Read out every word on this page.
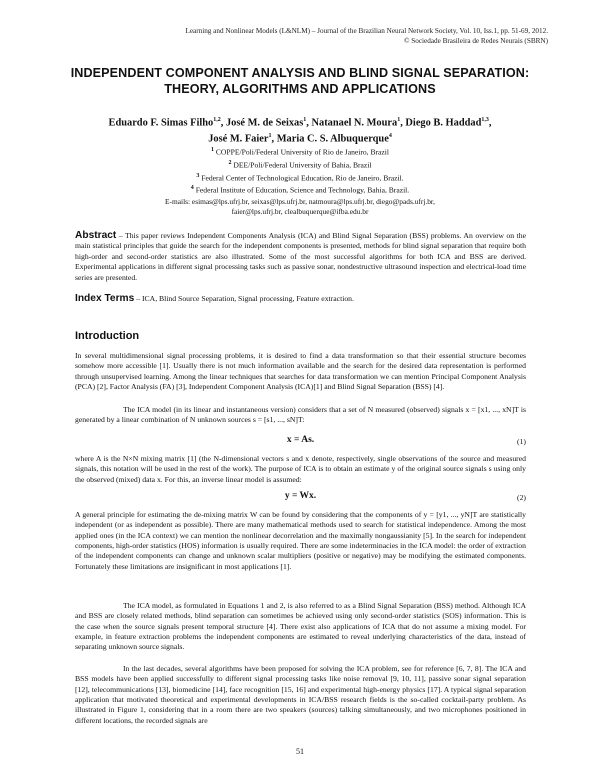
Learning and Nonlinear Models (L&NLM) – Journal of the Brazilian Neural Network Society, Vol. 10, Iss.1, pp. 51-69, 2012.
© Sociedade Brasileira de Redes Neurais (SBRN)
INDEPENDENT COMPONENT ANALYSIS AND BLIND SIGNAL SEPARATION:
THEORY, ALGORITHMS AND APPLICATIONS
Eduardo F. Simas Filho$^{1,2}$, José M. de Seixas$^1$, Natanael N. Moura$^1$, Diego B. Haddad$^{1,3}$,
José M. Faier$^1$, Maria C. S. Albuquerque$^4$
$^1$ COPPE/Poli/Federal University of Rio de Janeiro, Brazil
$^2$ DEE/Poli/Federal University of Bahia, Brazil
$^3$ Federal Center of Technological Education, Rio de Janeiro, Brazil.
$^4$ Federal Institute of Education, Science and Technology, Bahia, Brazil.
E-mails: esimas@lps.ufrj.br, seixas@lps.ufrj.br, natmoura@lps.ufrj.br, diego@pads.ufrj.br,
faier@lps.ufrj.br, clealbuquerque@ifba.edu.br
Abstract – This paper reviews Independent Components Analysis (ICA) and Blind Signal Separation (BSS) problems. An overview on the main statistical principles that guide the search for the independent components is presented, methods for blind signal separation that require both high-order and second-order statistics are also illustrated. Some of the most successful algorithms for both ICA and BSS are derived. Experimental applications in different signal processing tasks such as passive sonar, nondestructive ultrasound inspection and electrical-load time series are presented.
Index Terms – ICA, Blind Source Separation, Signal processing, Feature extraction.
Introduction
In several multidimensional signal processing problems, it is desired to find a data transformation so that their essential structure becomes somehow more accessible [1]. Usually there is not much information available and the search for the desired data representation is performed through unsupervised learning. Among the linear techniques that searches for data transformation we can mention Principal Component Analysis (PCA) [2], Factor Analysis (FA) [3], Independent Component Analysis (ICA)[1] and Blind Signal Separation (BSS) [4].
The ICA model (in its linear and instantaneous version) considers that a set of N measured (observed) signals x = [x1, ..., xN]T is generated by a linear combination of N unknown sources s = [s1, ..., sN]T:
x = As.	(1)
where A is the N×N mixing matrix [1] (the N-dimensional vectors s and x denote, respectively, single observations of the source and measured signals, this notation will be used in the rest of the work). The purpose of ICA is to obtain an estimate y of the original source signals s using only the observed (mixed) data x. For this, an inverse linear model is assumed:
y = Wx.	(2)
A general principle for estimating the de-mixing matrix W can be found by considering that the components of y = [y1, ..., yN]T are statistically independent (or as independent as possible). There are many mathematical methods used to search for statistical independence. Among the most applied ones (in the ICA context) we can mention the nonlinear decorrelation and the maximally nongaussianity [5]. In the search for independent components, high-order statistics (HOS) information is usually required. There are some indeterminacies in the ICA model: the order of extraction of the independent components can change and unknown scalar multipliers (positive or negative) may be modifying the estimated components. Fortunately these limitations are insignificant in most applications [1].
The ICA model, as formulated in Equations 1 and 2, is also referred to as a Blind Signal Separation (BSS) method. Although ICA and BSS are closely related methods, blind separation can sometimes be achieved using only second-order statistics (SOS) information. This is the case when the source signals present temporal structure [4]. There exist also applications of ICA that do not assume a mixing model. For example, in feature extraction problems the independent components are estimated to reveal underlying characteristics of the data, instead of separating unknown source signals.
In the last decades, several algorithms have been proposed for solving the ICA problem, see for reference [6, 7, 8]. The ICA and BSS models have been applied successfully to different signal processing tasks like noise removal [9, 10, 11], passive sonar signal separation [12], telecommunications [13], biomedicine [14], face recognition [15, 16] and experimental high-energy physics [17]. A typical signal separation application that motivated theoretical and experimental developments in ICA/BSS research fields is the so-called cocktail-party problem. As illustrated in Figure 1, considering that in a room there are two speakers (sources) talking simultaneously, and two microphones positioned in different locations, the recorded signals are
51
